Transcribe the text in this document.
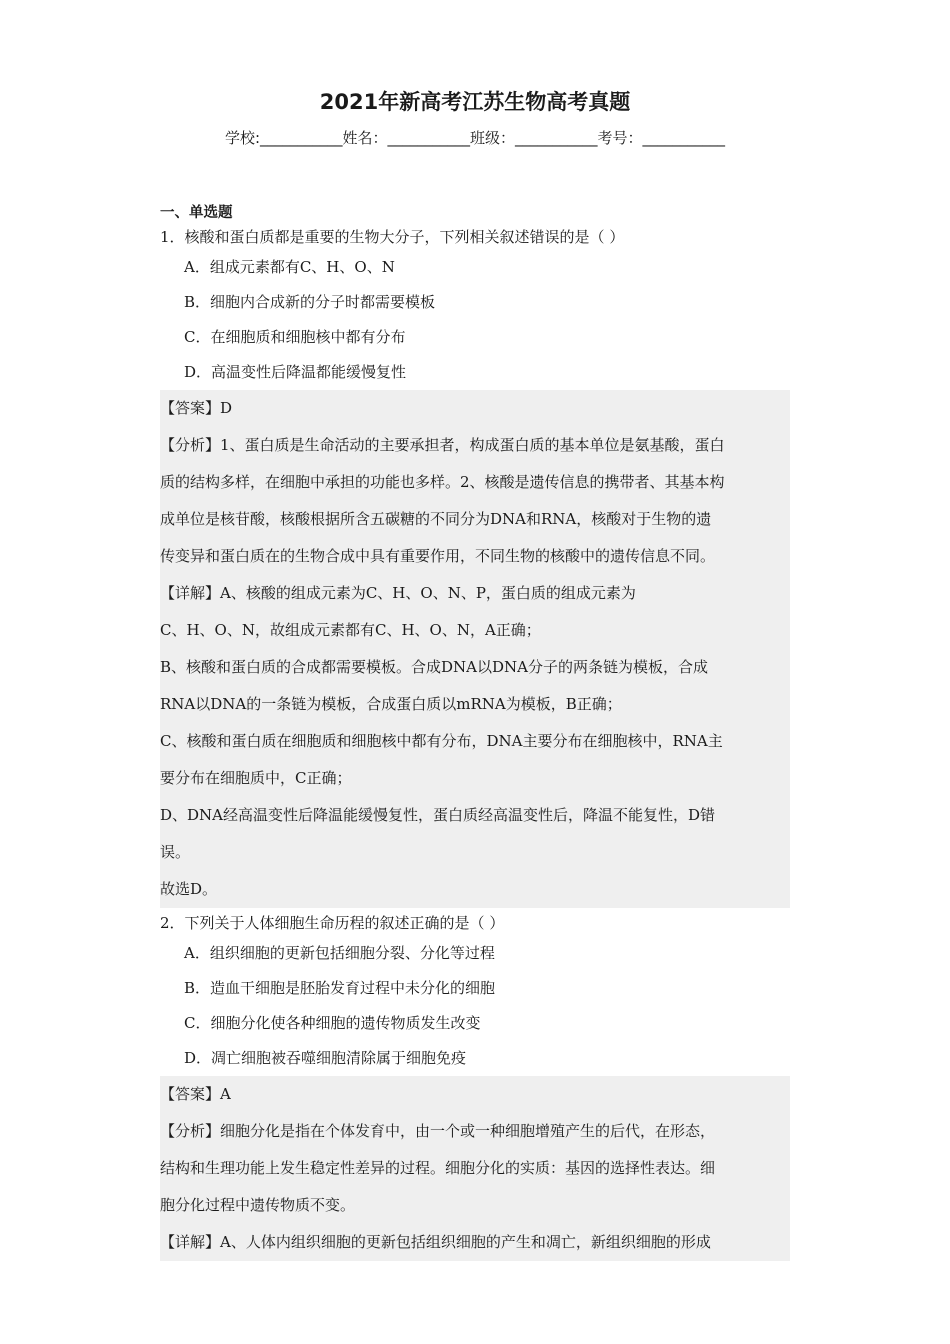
2021年新高考江苏生物高考真题
学校:___________姓名：___________班级：___________考号：___________
一、单选题
1．核酸和蛋白质都是重要的生物大分子，下列相关叙述错误的是（ ）
A．组成元素都有C、H、O、N
B．细胞内合成新的分子时都需要模板
C．在细胞质和细胞核中都有分布
D．高温变性后降温都能缓慢复性
【答案】D
【分析】1、蛋白质是生命活动的主要承担者，构成蛋白质的基本单位是氨基酸，蛋白
质的结构多样，在细胞中承担的功能也多样。2、核酸是遗传信息的携带者、其基本构
成单位是核苷酸，核酸根据所含五碳糖的不同分为DNA和RNA，核酸对于生物的遗
传变异和蛋白质在的生物合成中具有重要作用，不同生物的核酸中的遗传信息不同。
【详解】A、核酸的组成元素为C、H、O、N、P，蛋白质的组成元素为
C、H、O、N，故组成元素都有C、H、O、N，A正确；
B、核酸和蛋白质的合成都需要模板。合成DNA以DNA分子的两条链为模板，合成
RNA以DNA的一条链为模板，合成蛋白质以mRNA为模板，B正确；
C、核酸和蛋白质在细胞质和细胞核中都有分布，DNA主要分布在细胞核中，RNA主
要分布在细胞质中，C正确；
D、DNA经高温变性后降温能缓慢复性，蛋白质经高温变性后，降温不能复性，D错
误。
故选D。
2．下列关于人体细胞生命历程的叙述正确的是（ ）
A．组织细胞的更新包括细胞分裂、分化等过程
B．造血干细胞是胚胎发育过程中未分化的细胞
C．细胞分化使各种细胞的遗传物质发生改变
D．凋亡细胞被吞噬细胞清除属于细胞免疫
【答案】A
【分析】细胞分化是指在个体发育中，由一个或一种细胞增殖产生的后代，在形态，
结构和生理功能上发生稳定性差异的过程。细胞分化的实质：基因的选择性表达。细
胞分化过程中遗传物质不变。
【详解】A、人体内组织细胞的更新包括组织细胞的产生和凋亡，新组织细胞的形成
